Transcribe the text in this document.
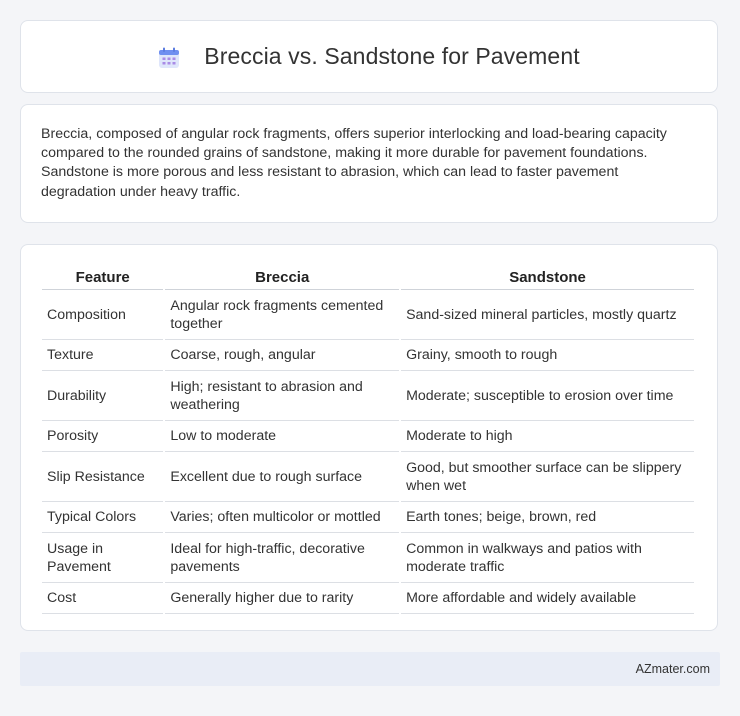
Breccia vs. Sandstone for Pavement

Breccia, composed of angular rock fragments, offers superior interlocking and load-bearing capacity compared to the rounded grains of sandstone, making it more durable for pavement foundations. Sandstone is more porous and less resistant to abrasion, which can lead to faster pavement degradation under heavy traffic.

Feature	Breccia	Sandstone
Composition	Angular rock fragments cemented together	Sand-sized mineral particles, mostly quartz
Texture	Coarse, rough, angular	Grainy, smooth to rough
Durability	High; resistant to abrasion and weathering	Moderate; susceptible to erosion over time
Porosity	Low to moderate	Moderate to high
Slip Resistance	Excellent due to rough surface	Good, but smoother surface can be slippery when wet
Typical Colors	Varies; often multicolor or mottled	Earth tones; beige, brown, red
Usage in Pavement	Ideal for high-traffic, decorative pavements	Common in walkways and patios with moderate traffic
Cost	Generally higher due to rarity	More affordable and widely available
AZmater.com
